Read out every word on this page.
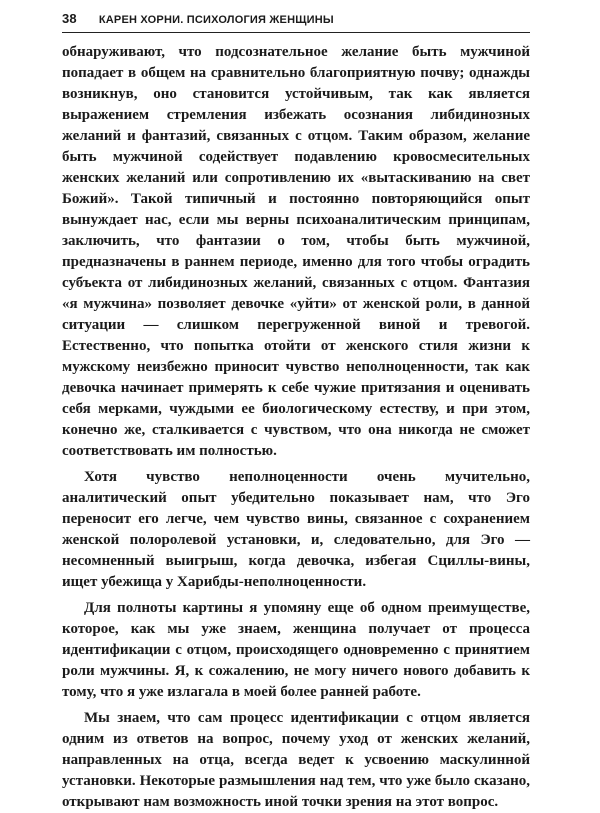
38 КАРЕН ХОРНИ. ПСИХОЛОГИЯ ЖЕНЩИНЫ

обнаруживают, что подсознательное желание быть мужчиной попадает в общем на сравнительно благоприятную почву; однажды возникнув, оно становится устойчивым, так как является выражением стремления избежать осознания либидинозных желаний и фантазий, связанных с отцом. Таким образом, желание быть мужчиной содействует подавлению кровосмесительных женских желаний или сопротивлению их «вытаскиванию на свет Божий». Такой типичный и постоянно повторяющийся опыт вынуждает нас, если мы верны психоаналитическим принципам, заключить, что фантазии о том, чтобы быть мужчиной, предназначены в раннем периоде, именно для того чтобы оградить субъекта от либидинозных желаний, связанных с отцом. Фантазия «я мужчина» позволяет девочке «уйти» от женской роли, в данной ситуации — слишком перегруженной виной и тревогой. Естественно, что попытка отойти от женского стиля жизни к мужскому неизбежно приносит чувство неполноценности, так как девочка начинает примерять к себе чужие притязания и оценивать себя мерками, чуждыми ее биологическому естеству, и при этом, конечно же, сталкивается с чувством, что она никогда не сможет соответствовать им полностью.

Хотя чувство неполноценности очень мучительно, аналитический опыт убедительно показывает нам, что Эго переносит его легче, чем чувство вины, связанное с сохранением женской полоролевой установки, и, следовательно, для Эго — несомненный выигрыш, когда девочка, избегая Сциллы-вины, ищет убежища у Харибды-неполноценности.

Для полноты картины я упомяну еще об одном преимуществе, которое, как мы уже знаем, женщина получает от процесса идентификации с отцом, происходящего одновременно с принятием роли мужчины. Я, к сожалению, не могу ничего нового добавить к тому, что я уже излагала в моей более ранней работе.

Мы знаем, что сам процесс идентификации с отцом является одним из ответов на вопрос, почему уход от женских желаний, направленных на отца, всегда ведет к усвоению маскулинной установки. Некоторые размышления над тем, что уже было сказано, открывают нам возможность иной точки зрения на этот вопрос.
